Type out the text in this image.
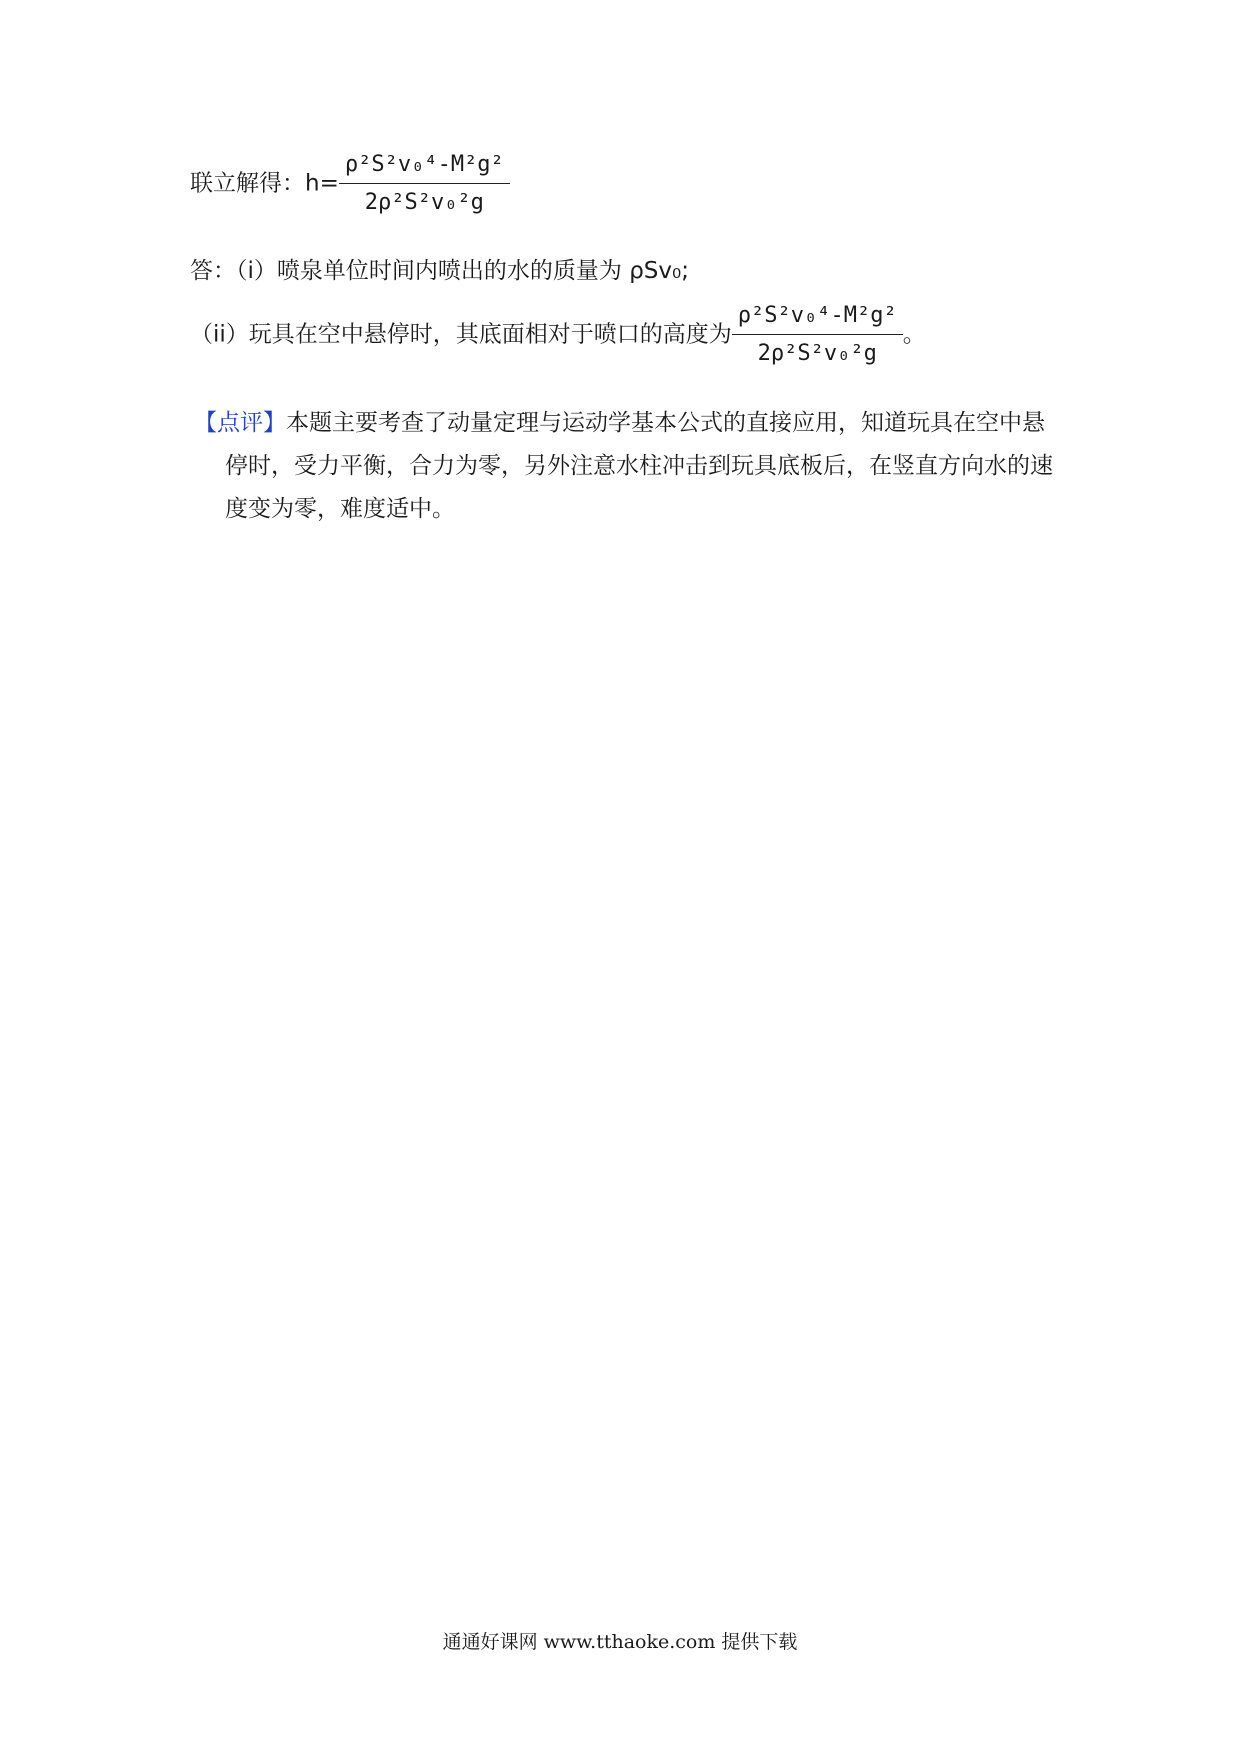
联立解得：$h= \frac{\text{ρ²S²v₀⁴-M²g²}}{\text{2ρ²S²v₀²g}}$
答：（i）喷泉单位时间内喷出的水的质量为 ρSv₀;
（ii）玩具在空中悬停时，其底面相对于喷口的高度为 $\frac{\text{ρ²S²v₀⁴-M²g²}}{\text{2ρ²S²v₀²g}}$ 。
【点评】本题主要考查了动量定理与运动学基本公式的直接应用，知道玩具在空中悬停时，受力平衡，合力为零，另外注意水柱冲击到玩具底板后，在竖直方向水的速度变为零，难度适中。
通通好课网 www.tthaoke.com 提供下载
